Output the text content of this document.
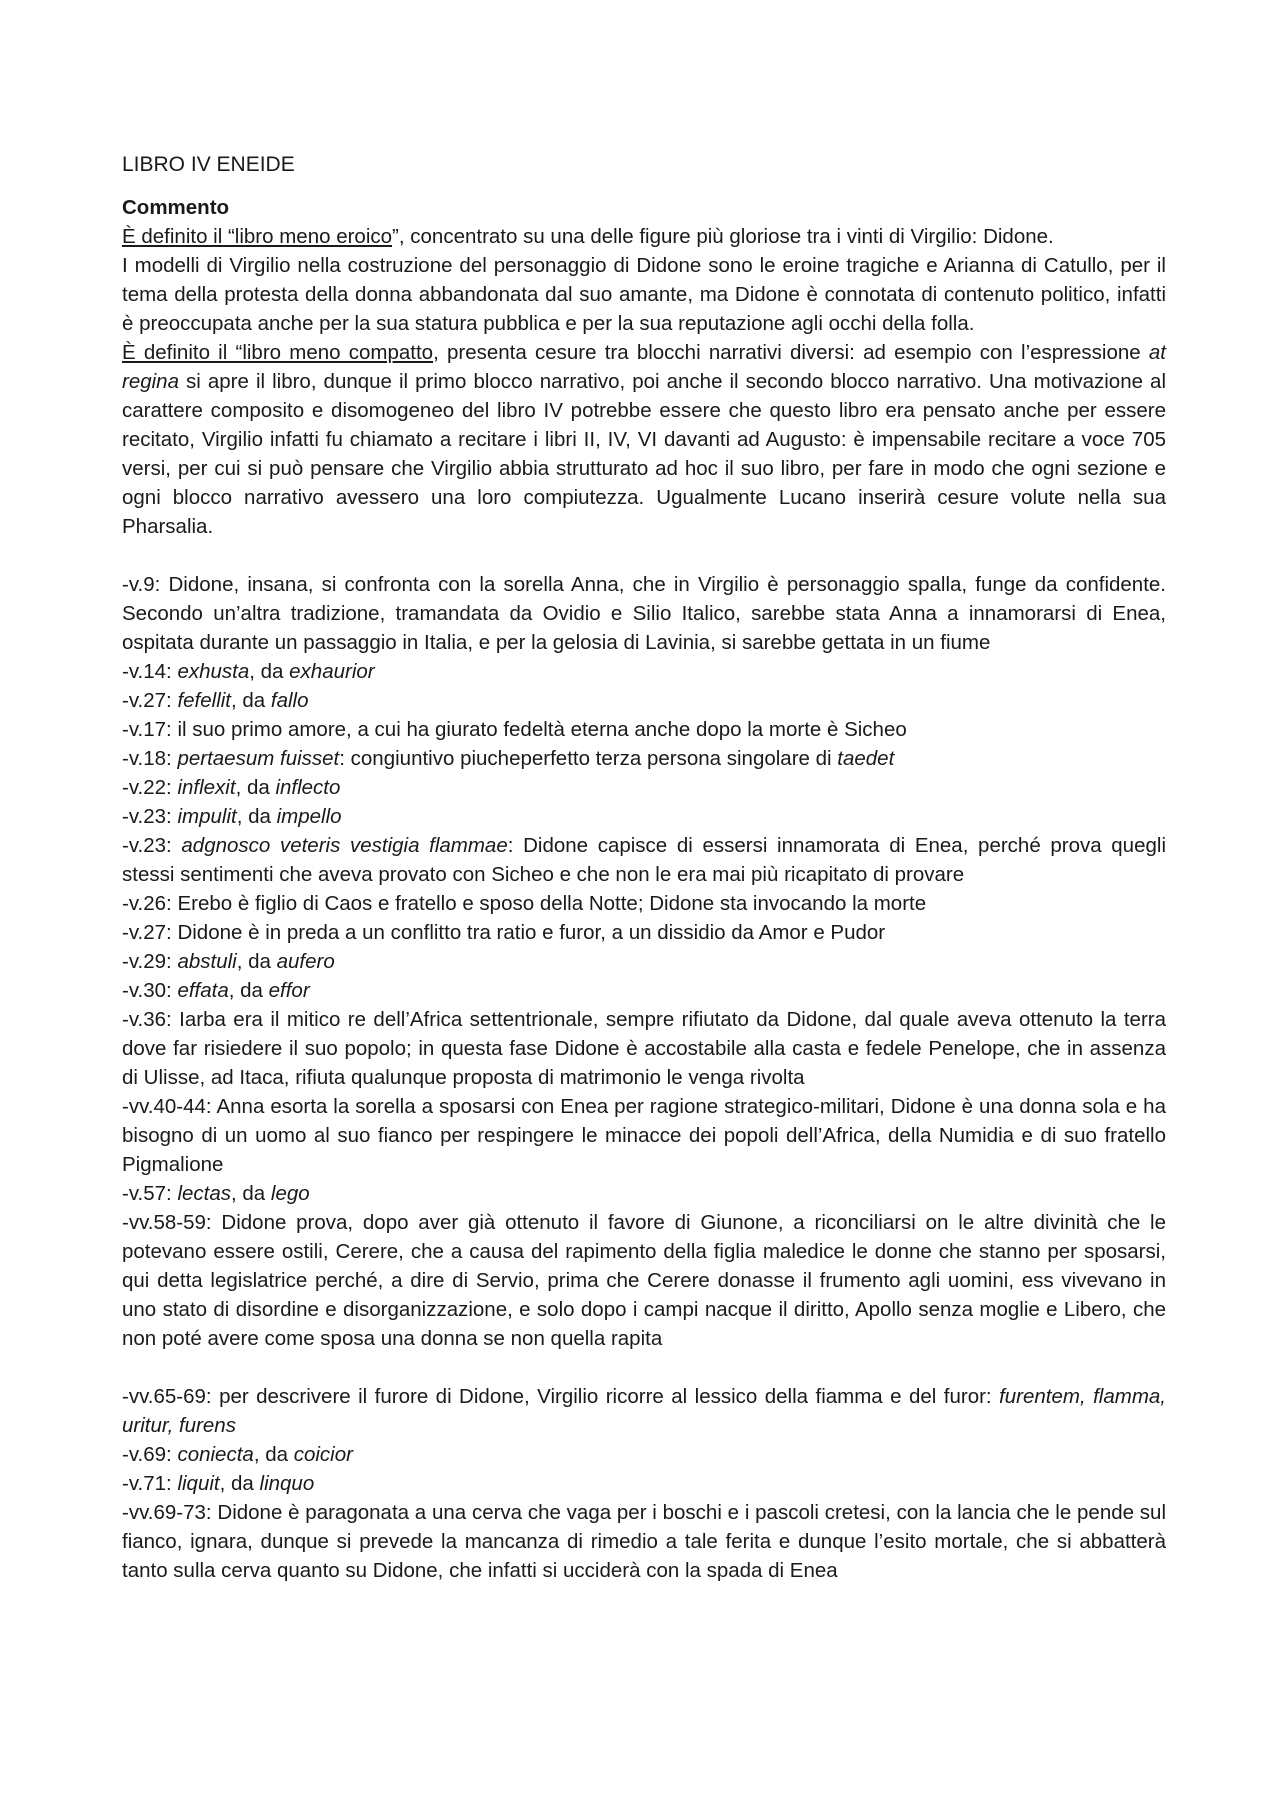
LIBRO IV ENEIDE

Commento

È definito il “libro meno eroico”, concentrato su una delle figure più gloriose tra i vinti di Virgilio: Didone.

I modelli di Virgilio nella costruzione del personaggio di Didone sono le eroine tragiche e Arianna di Catullo, per il tema della protesta della donna abbandonata dal suo amante, ma Didone è connotata di contenuto politico, infatti è preoccupata anche per la sua statura pubblica e per la sua reputazione agli occhi della folla.

È definito il “libro meno compatto, presenta cesure tra blocchi narrativi diversi: ad esempio con l’espressione at regina si apre il libro, dunque il primo blocco narrativo, poi anche il secondo blocco narrativo. Una motivazione al carattere composito e disomogeneo del libro IV potrebbe essere che questo libro era pensato anche per essere recitato, Virgilio infatti fu chiamato a recitare i libri II, IV, VI davanti ad Augusto: è impensabile recitare a voce 705 versi, per cui si può pensare che Virgilio abbia strutturato ad hoc il suo libro, per fare in modo che ogni sezione e ogni blocco narrativo avessero una loro compiutezza. Ugualmente Lucano inserirà cesure volute nella sua Pharsalia.

-v.9: Didone, insana, si confronta con la sorella Anna, che in Virgilio è personaggio spalla, funge da confidente. Secondo un’altra tradizione, tramandata da Ovidio e Silio Italico, sarebbe stata Anna a innamorarsi di Enea, ospitata durante un passaggio in Italia, e per la gelosia di Lavinia, si sarebbe gettata in un fiume

-v.14: exhusta, da exhaurior

-v.27: fefellit, da fallo

-v.17: il suo primo amore, a cui ha giurato fedeltà eterna anche dopo la morte è Sicheo

-v.18: pertaesum fuisset: congiuntivo piucheperfetto terza persona singolare di taedet

-v.22: inflexit, da inflecto

-v.23: impulit, da impello

-v.23: adgnosco veteris vestigia flammae: Didone capisce di essersi innamorata di Enea, perché prova quegli stessi sentimenti che aveva provato con Sicheo e che non le era mai più ricapitato di provare

-v.26: Erebo è figlio di Caos e fratello e sposo della Notte; Didone sta invocando la morte

-v.27: Didone è in preda a un conflitto tra ratio e furor, a un dissidio da Amor e Pudor

-v.29: abstuli, da aufero

-v.30: effata, da effor

-v.36: Iarba era il mitico re dell’Africa settentrionale, sempre rifiutato da Didone, dal quale aveva ottenuto la terra dove far risiedere il suo popolo; in questa fase Didone è accostabile alla casta e fedele Penelope, che in assenza di Ulisse, ad Itaca, rifiuta qualunque proposta di matrimonio le venga rivolta

-vv.40-44: Anna esorta la sorella a sposarsi con Enea per ragione strategico-militari, Didone è una donna sola e ha bisogno di un uomo al suo fianco per respingere le minacce dei popoli dell’Africa, della Numidia e di suo fratello Pigmalione

-v.57: lectas, da lego

-vv.58-59: Didone prova, dopo aver già ottenuto il favore di Giunone, a riconciliarsi on le altre divinità che le potevano essere ostili, Cerere, che a causa del rapimento della figlia maledice le donne che stanno per sposarsi, qui detta legislatrice perché, a dire di Servio, prima che Cerere donasse il frumento agli uomini, ess vivevano in uno stato di disordine e disorganizzazione, e solo dopo i campi nacque il diritto, Apollo senza moglie e Libero, che non poté avere come sposa una donna se non quella rapita

-vv.65-69: per descrivere il furore di Didone, Virgilio ricorre al lessico della fiamma e del furor: furentem, flamma, uritur, furens

-v.69: coniecta, da coicior

-v.71: liquit, da linquo

-vv.69-73: Didone è paragonata a una cerva che vaga per i boschi e i pascoli cretesi, con la lancia che le pende sul fianco, ignara, dunque si prevede la mancanza di rimedio a tale ferita e dunque l’esito mortale, che si abbatterà tanto sulla cerva quanto su Didone, che infatti si ucciderà con la spada di Enea
